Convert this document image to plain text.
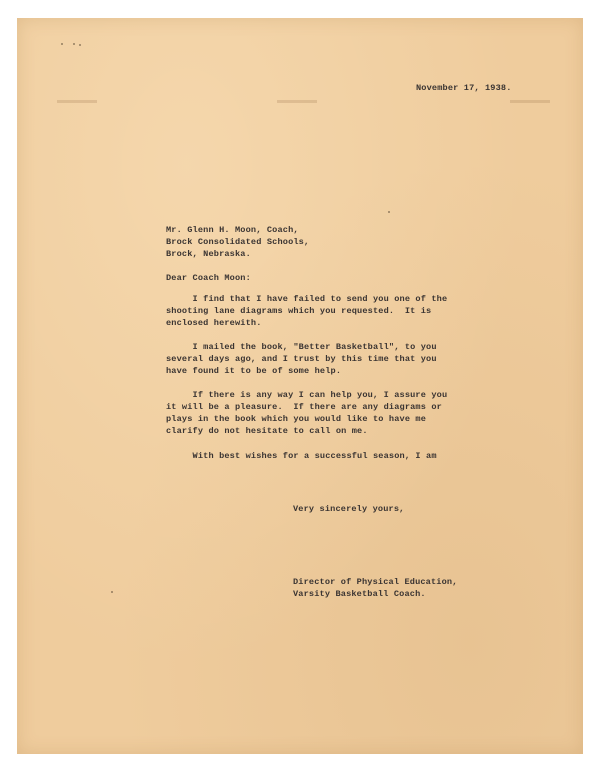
November 17, 1938.
Mr. Glenn H. Moon, Coach,
Brock Consolidated Schools,
Brock, Nebraska.
Dear Coach Moon:
I find that I have failed to send you one of the
shooting lane diagrams which you requested.  It is
enclosed herewith.
I mailed the book, "Better Basketball", to you
several days ago, and I trust by this time that you
have found it to be of some help.
If there is any way I can help you, I assure you
it will be a pleasure.  If there are any diagrams or
plays in the book which you would like to have me
clarify do not hesitate to call on me.
With best wishes for a successful season, I am
Very sincerely yours,
Director of Physical Education,
Varsity Basketball Coach.
